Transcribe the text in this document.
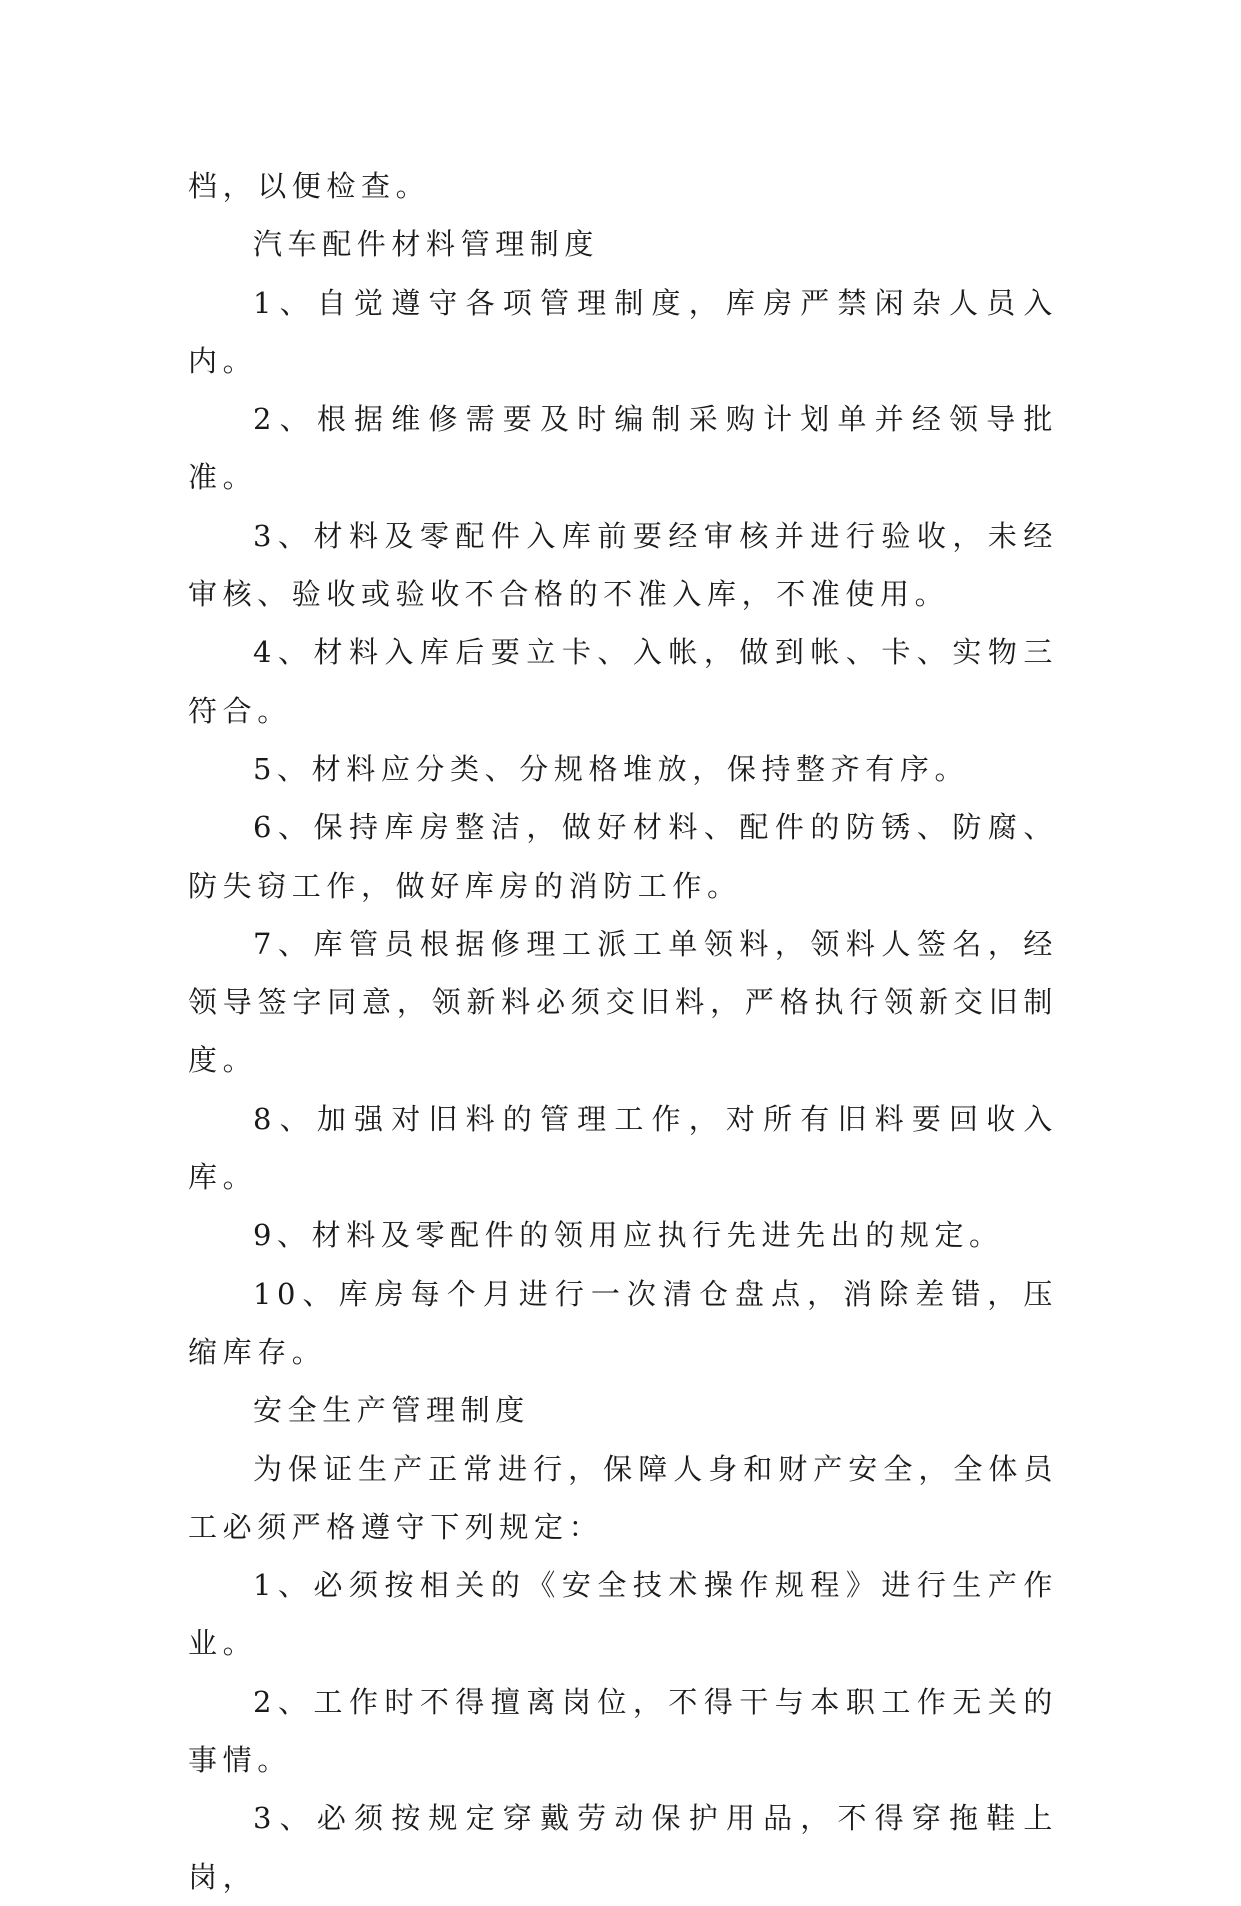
档，以便检查。

汽车配件材料管理制度

1、自觉遵守各项管理制度，库房严禁闲杂人员入内。

2、根据维修需要及时编制采购计划单并经领导批准。

3、材料及零配件入库前要经审核并进行验收，未经审核、验收或验收不合格的不准入库，不准使用。

4、材料入库后要立卡、入帐，做到帐、卡、实物三符合。

5、材料应分类、分规格堆放，保持整齐有序。

6、保持库房整洁，做好材料、配件的防锈、防腐、防失窃工作，做好库房的消防工作。

7、库管员根据修理工派工单领料，领料人签名，经领导签字同意，领新料必须交旧料，严格执行领新交旧制度。

8、加强对旧料的管理工作，对所有旧料要回收入库。

9、材料及零配件的领用应执行先进先出的规定。

10、库房每个月进行一次清仓盘点，消除差错，压缩库存。

安全生产管理制度

为保证生产正常进行，保障人身和财产安全，全体员工必须严格遵守下列规定：

1、必须按相关的《安全技术操作规程》进行生产作业。

2、工作时不得擅离岗位，不得干与本职工作无关的事情。

3、必须按规定穿戴劳动保护用品，不得穿拖鞋上岗，
